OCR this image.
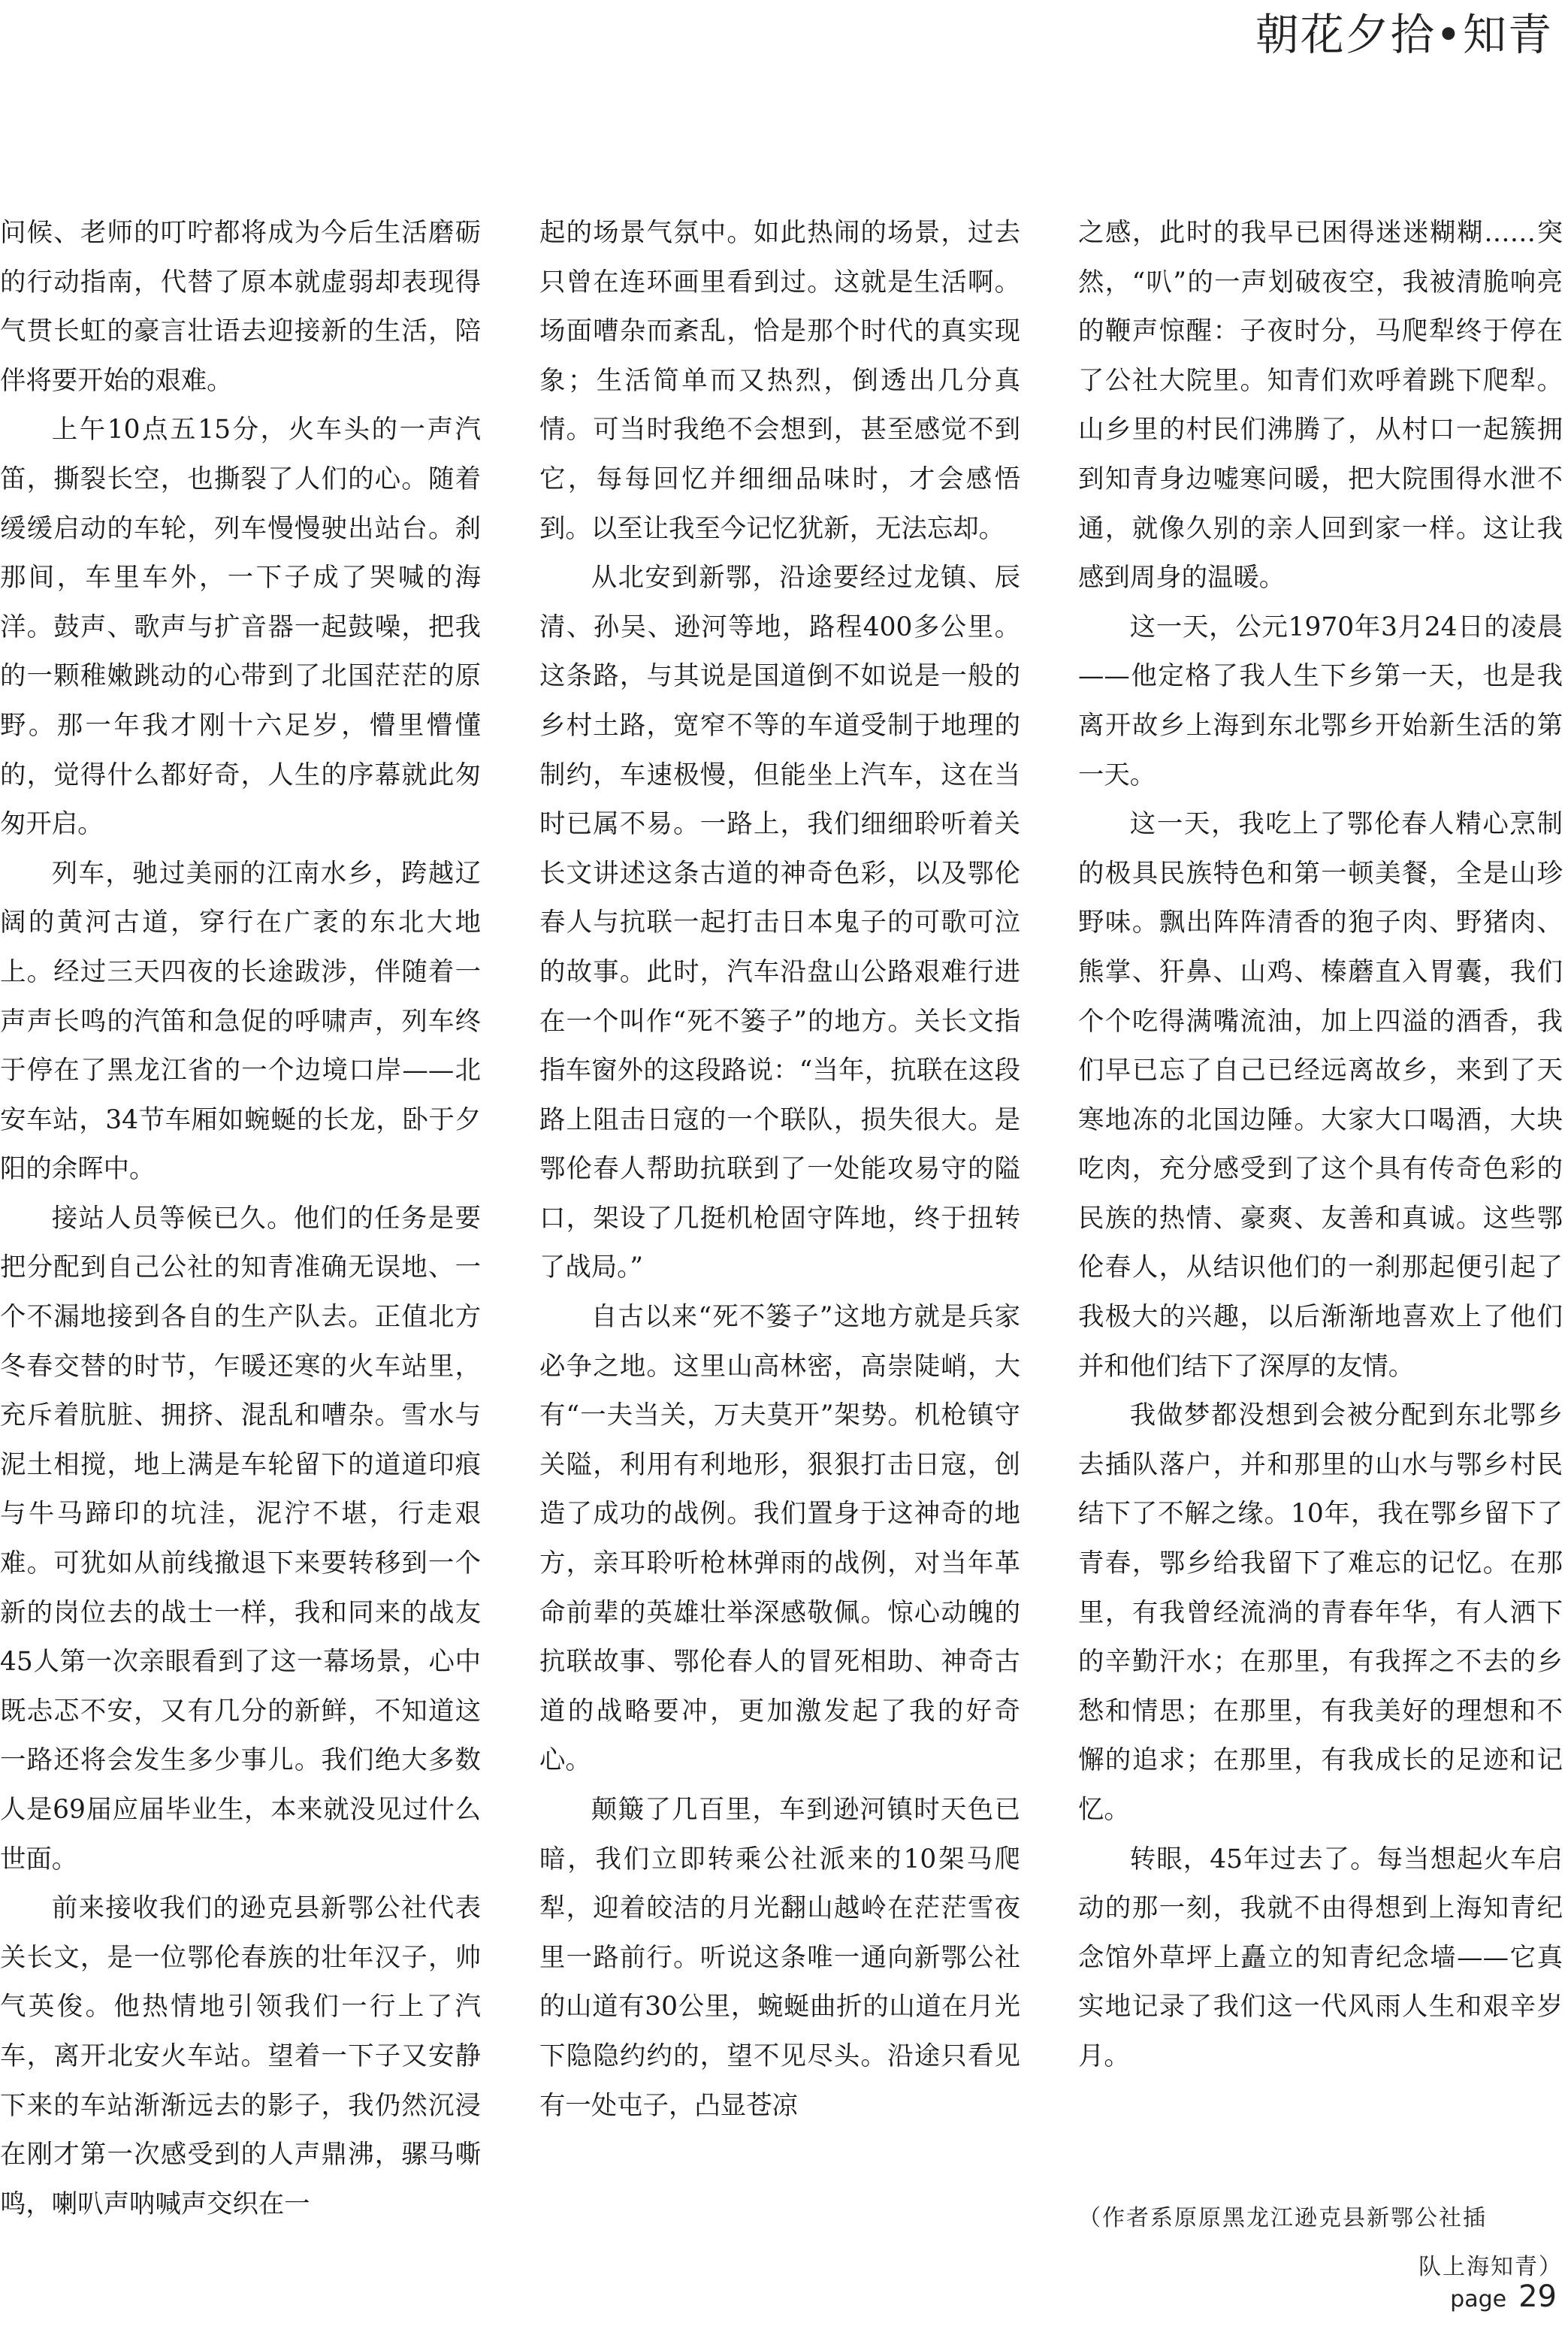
朝花夕拾•知青

问候、老师的叮咛都将成为今后生活磨砺的行动指南，代替了原本就虚弱却表现得气贯长虹的豪言壮语去迎接新的生活，陪伴将要开始的艰难。

上午10点五15分，火车头的一声汽笛，撕裂长空，也撕裂了人们的心。随着缓缓启动的车轮，列车慢慢驶出站台。刹那间，车里车外，一下子成了哭喊的海洋。鼓声、歌声与扩音器一起鼓噪，把我的一颗稚嫩跳动的心带到了北国茫茫的原野。那一年我才刚十六足岁，懵里懵懂的，觉得什么都好奇，人生的序幕就此匆匆开启。

列车，驰过美丽的江南水乡，跨越辽阔的黄河古道，穿行在广袤的东北大地上。经过三天四夜的长途跋涉，伴随着一声声长鸣的汽笛和急促的呼啸声，列车终于停在了黑龙江省的一个边境口岸——北安车站，34节车厢如蜿蜒的长龙，卧于夕阳的余晖中。

接站人员等候已久。他们的任务是要把分配到自己公社的知青准确无误地、一个不漏地接到各自的生产队去。正值北方冬春交替的时节，乍暖还寒的火车站里，充斥着肮脏、拥挤、混乱和嘈杂。雪水与泥土相搅，地上满是车轮留下的道道印痕与牛马蹄印的坑洼，泥泞不堪，行走艰难。可犹如从前线撤退下来要转移到一个新的岗位去的战士一样，我和同来的战友45人第一次亲眼看到了这一幕场景，心中既忐忑不安，又有几分的新鲜，不知道这一路还将会发生多少事儿。我们绝大多数人是69届应届毕业生，本来就没见过什么世面。

前来接收我们的逊克县新鄂公社代表关长文，是一位鄂伦春族的壮年汉子，帅气英俊。他热情地引领我们一行上了汽车，离开北安火车站。望着一下子又安静下来的车站渐渐远去的影子，我仍然沉浸在刚才第一次感受到的人声鼎沸，骡马嘶鸣，喇叭声呐喊声交织在一

起的场景气氛中。如此热闹的场景，过去只曾在连环画里看到过。这就是生活啊。场面嘈杂而紊乱，恰是那个时代的真实现象；生活简单而又热烈，倒透出几分真情。可当时我绝不会想到，甚至感觉不到它，每每回忆并细细品味时，才会感悟到。以至让我至今记忆犹新，无法忘却。

从北安到新鄂，沿途要经过龙镇、辰清、孙吴、逊河等地，路程400多公里。这条路，与其说是国道倒不如说是一般的乡村土路，宽窄不等的车道受制于地理的制约，车速极慢，但能坐上汽车，这在当时已属不易。一路上，我们细细聆听着关长文讲述这条古道的神奇色彩，以及鄂伦春人与抗联一起打击日本鬼子的可歌可泣的故事。此时，汽车沿盘山公路艰难行进在一个叫作“死不篓子”的地方。关长文指指车窗外的这段路说：“当年，抗联在这段路上阻击日寇的一个联队，损失很大。是鄂伦春人帮助抗联到了一处能攻易守的隘口，架设了几挺机枪固守阵地，终于扭转了战局。”

自古以来“死不篓子”这地方就是兵家必争之地。这里山高林密，高崇陡峭，大有“一夫当关，万夫莫开”架势。机枪镇守关隘，利用有利地形，狠狠打击日寇，创造了成功的战例。我们置身于这神奇的地方，亲耳聆听枪林弹雨的战例，对当年革命前辈的英雄壮举深感敬佩。惊心动魄的抗联故事、鄂伦春人的冒死相助、神奇古道的战略要冲，更加激发起了我的好奇心。

颠簸了几百里，车到逊河镇时天色已暗，我们立即转乘公社派来的10架马爬犁，迎着皎洁的月光翻山越岭在茫茫雪夜里一路前行。听说这条唯一通向新鄂公社的山道有30公里，蜿蜒曲折的山道在月光下隐隐约约的，望不见尽头。沿途只看见有一处屯子，凸显苍凉

之感，此时的我早已困得迷迷糊糊……突然，“叭”的一声划破夜空，我被清脆响亮的鞭声惊醒：子夜时分，马爬犁终于停在了公社大院里。知青们欢呼着跳下爬犁。山乡里的村民们沸腾了，从村口一起簇拥到知青身边嘘寒问暖，把大院围得水泄不通，就像久别的亲人回到家一样。这让我感到周身的温暖。

这一天，公元1970年3月24日的凌晨——他定格了我人生下乡第一天，也是我离开故乡上海到东北鄂乡开始新生活的第一天。

这一天，我吃上了鄂伦春人精心烹制的极具民族特色和第一顿美餐，全是山珍野味。飘出阵阵清香的狍子肉、野猪肉、熊掌、犴鼻、山鸡、榛蘑直入胃囊，我们个个吃得满嘴流油，加上四溢的酒香，我们早已忘了自己已经远离故乡，来到了天寒地冻的北国边陲。大家大口喝酒，大块吃肉，充分感受到了这个具有传奇色彩的民族的热情、豪爽、友善和真诚。这些鄂伦春人，从结识他们的一刹那起便引起了我极大的兴趣，以后渐渐地喜欢上了他们并和他们结下了深厚的友情。

我做梦都没想到会被分配到东北鄂乡去插队落户，并和那里的山水与鄂乡村民结下了不解之缘。10年，我在鄂乡留下了青春，鄂乡给我留下了难忘的记忆。在那里，有我曾经流淌的青春年华，有人洒下的辛勤汗水；在那里，有我挥之不去的乡愁和情思；在那里，有我美好的理想和不懈的追求；在那里，有我成长的足迹和记忆。

转眼，45年过去了。每当想起火车启动的那一刻，我就不由得想到上海知青纪念馆外草坪上矗立的知青纪念墙——它真实地记录了我们这一代风雨人生和艰辛岁月。

（作者系原原黑龙江逊克县新鄂公社插
队上海知青）
page 29
